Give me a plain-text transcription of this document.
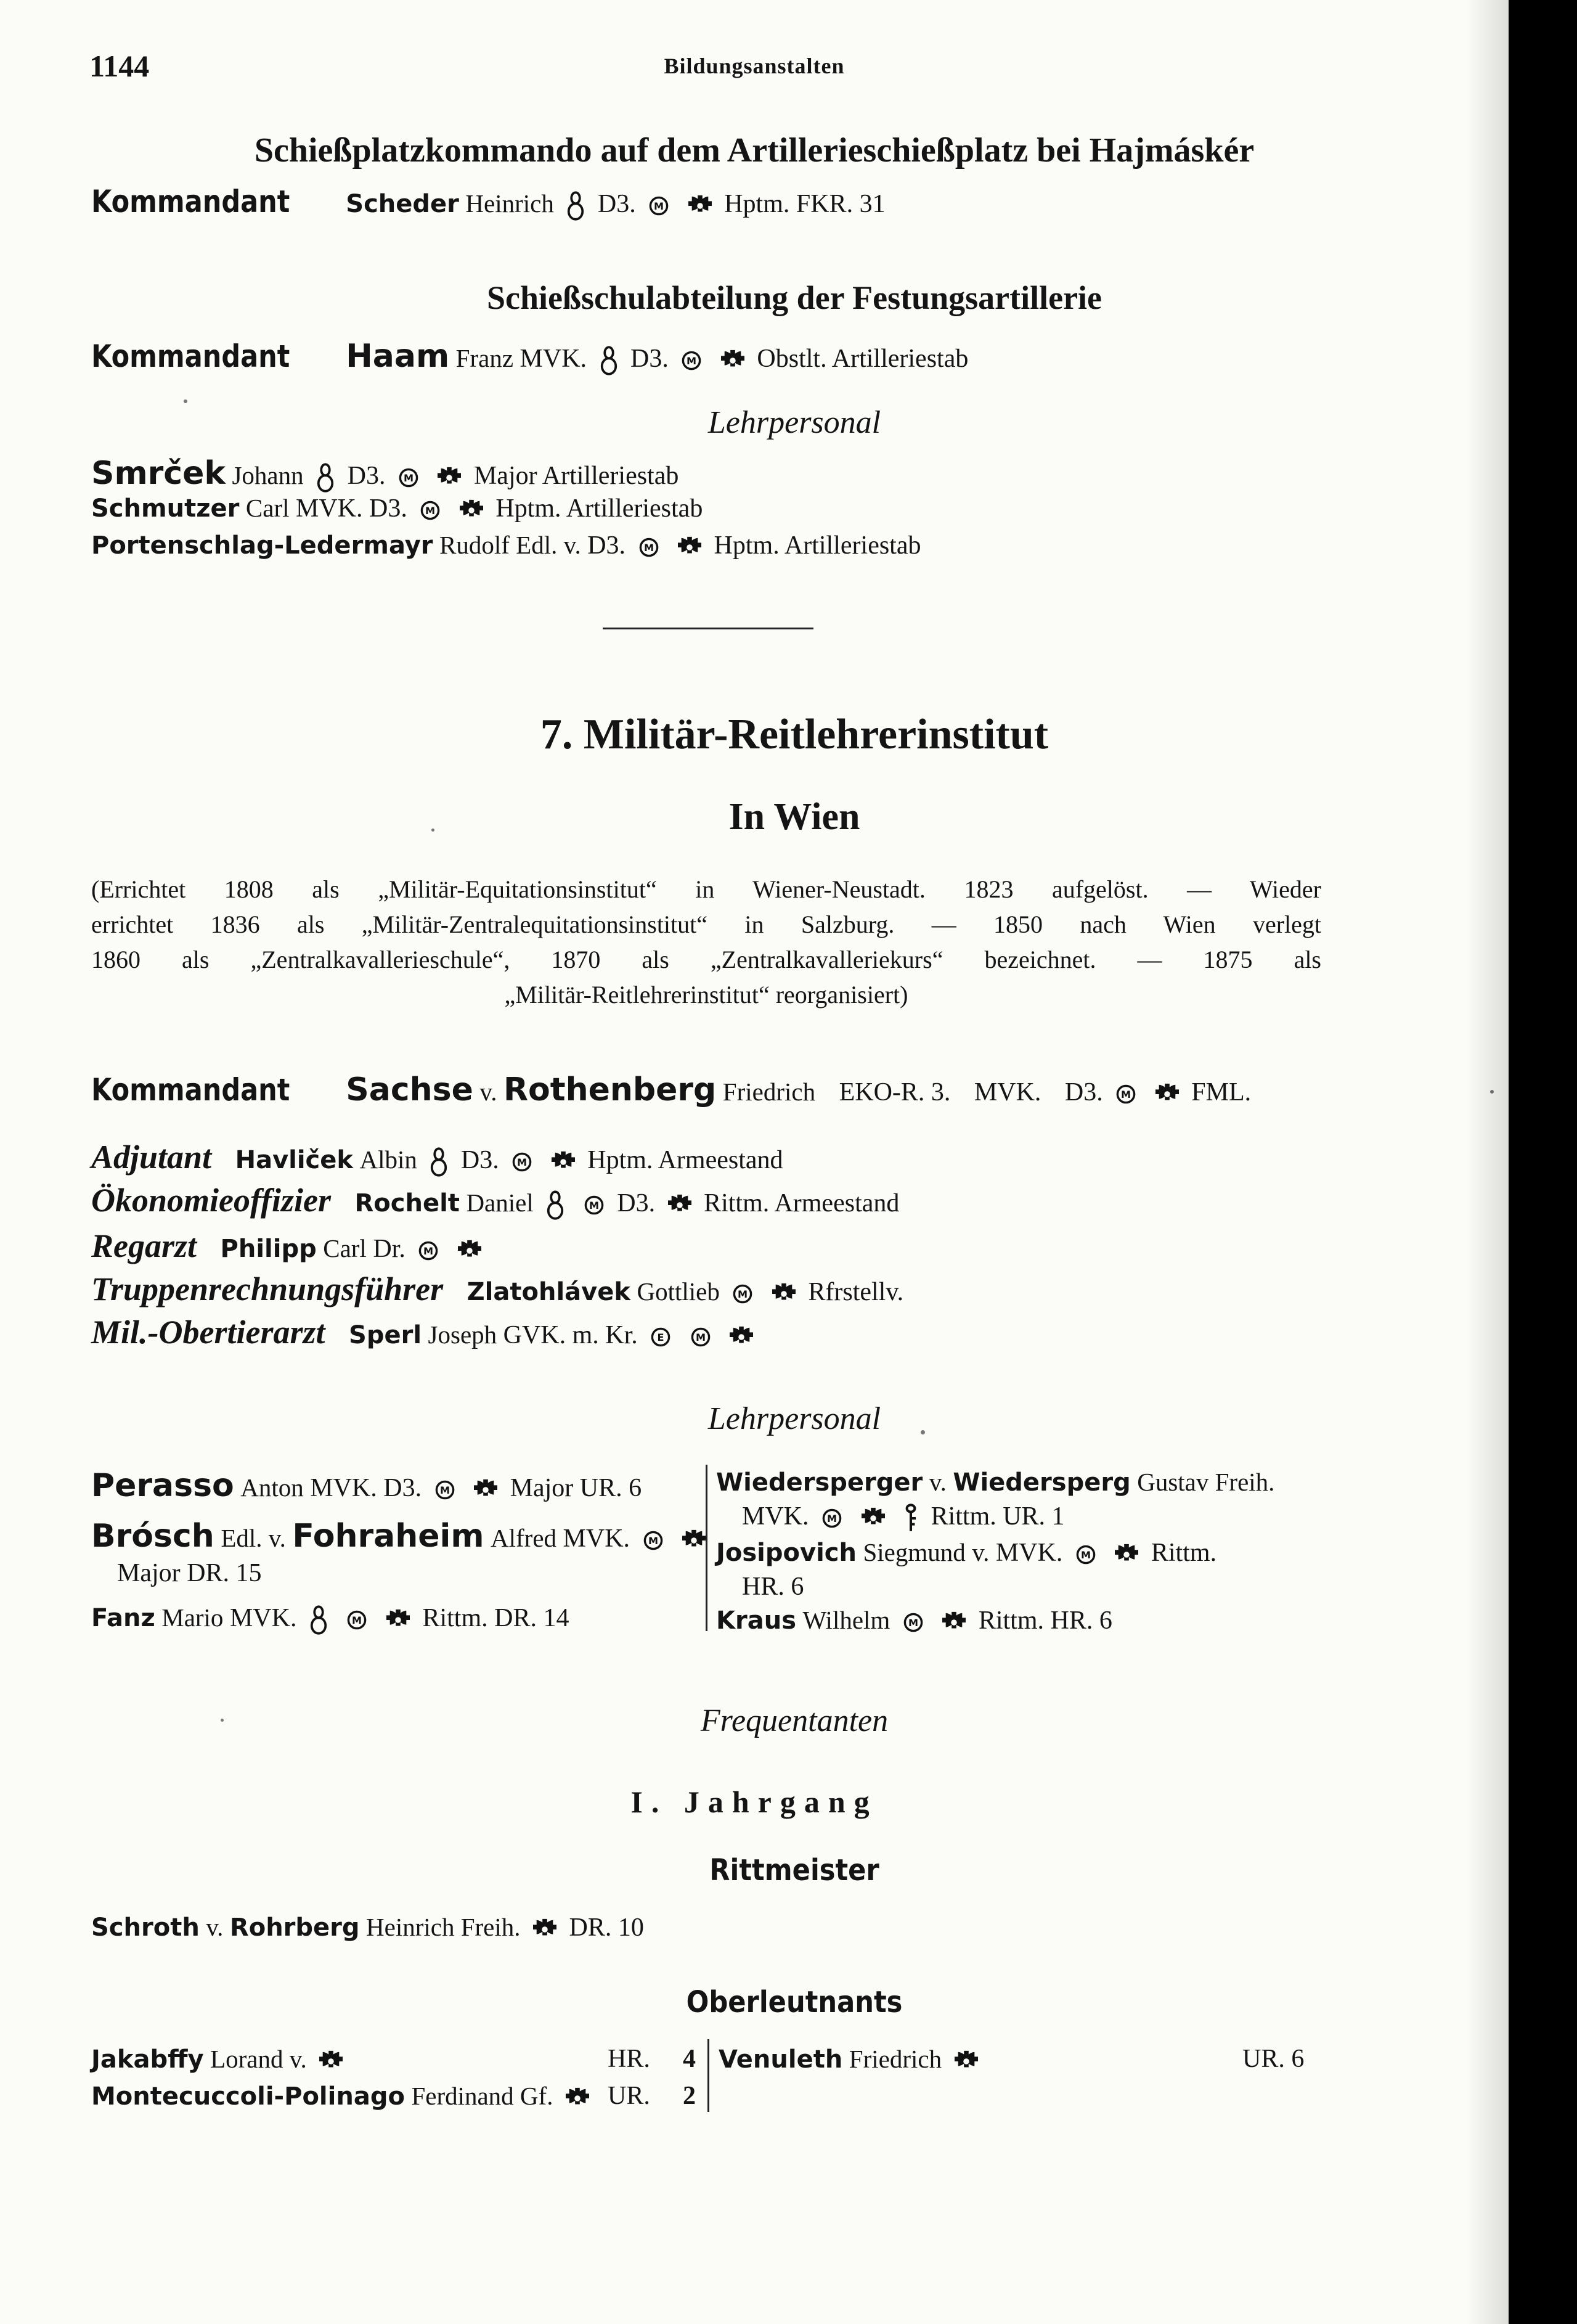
1144	Bildungsanstalten
Schießplatzkommando auf dem Artillerieschießplatz bei Hajmáskér
Kommandant Scheder Heinrich D3.	Hptm. FKR. 31
Schießschulabteilung der Festungsartillerie
Kommandant Haam Franz MVK. D3.	Obstlt. Artilleriestab
Lehrpersonal
Smrček Johann D3.	Major Artilleriestab
Schmutzer Carl MVK. D3.	Hptm. Artilleriestab
Portenschlag-Ledermayr Rudolf Edl. v. D3.	Hptm. Artilleriestab
7. Militär-Reitlehrerinstitut
In Wien
(Errichtet 1808 als „Militär-Equitationsinstitut“ in Wiener-Neustadt. 1823 aufgelöst. — Wieder
errichtet 1836 als „Militär-Zentralequitationsinstitut“ in Salzburg. — 1850 nach Wien verlegt
1860 als „Zentralkavallerieschule“, 1870 als „Zentralkavalleriekurs“ bezeichnet. — 1875 als
„Militär-Reitlehrerinstitut“ reorganisiert)
Kommandant Sachse v. Rothenberg Friedrich EKO-R. 3. MVK. D3.	FML.
Adjutant Havliček Albin D3.	Hptm. Armeestand
Ökonomieoffizier Rochelt Daniel	D3. Rittm. Armeestand
Regarzt Philipp Carl Dr.
Truppenrechnungsführer Zlatohlávek Gottlieb	Rfrstellv.
Mil.-Obertierarzt Sperl Joseph GVK. m. Kr.
Lehrpersonal
Perasso Anton MVK. D3.	Major UR. 6
Brósch Edl. v. Fohraheim Alfred MVK.
Major DR. 15
Fanz Mario MVK.	Rittm. DR. 14
Wiedersperger v. Wiedersperg Gustav Freih.
MVK.	Rittm. UR. 1
Josipovich Siegmund v. MVK.	Rittm.
HR. 6
Kraus Wilhelm	Rittm. HR. 6
Frequentanten
I. Jahrgang
Rittmeister
Schroth v. Rohrberg Heinrich Freih. DR. 10
Oberleutnants
Jakabffy Lorand v.	HR. 4
Montecuccoli-Polinago Ferdinand Gf.	UR. 2
Venuleth Friedrich	UR. 6
